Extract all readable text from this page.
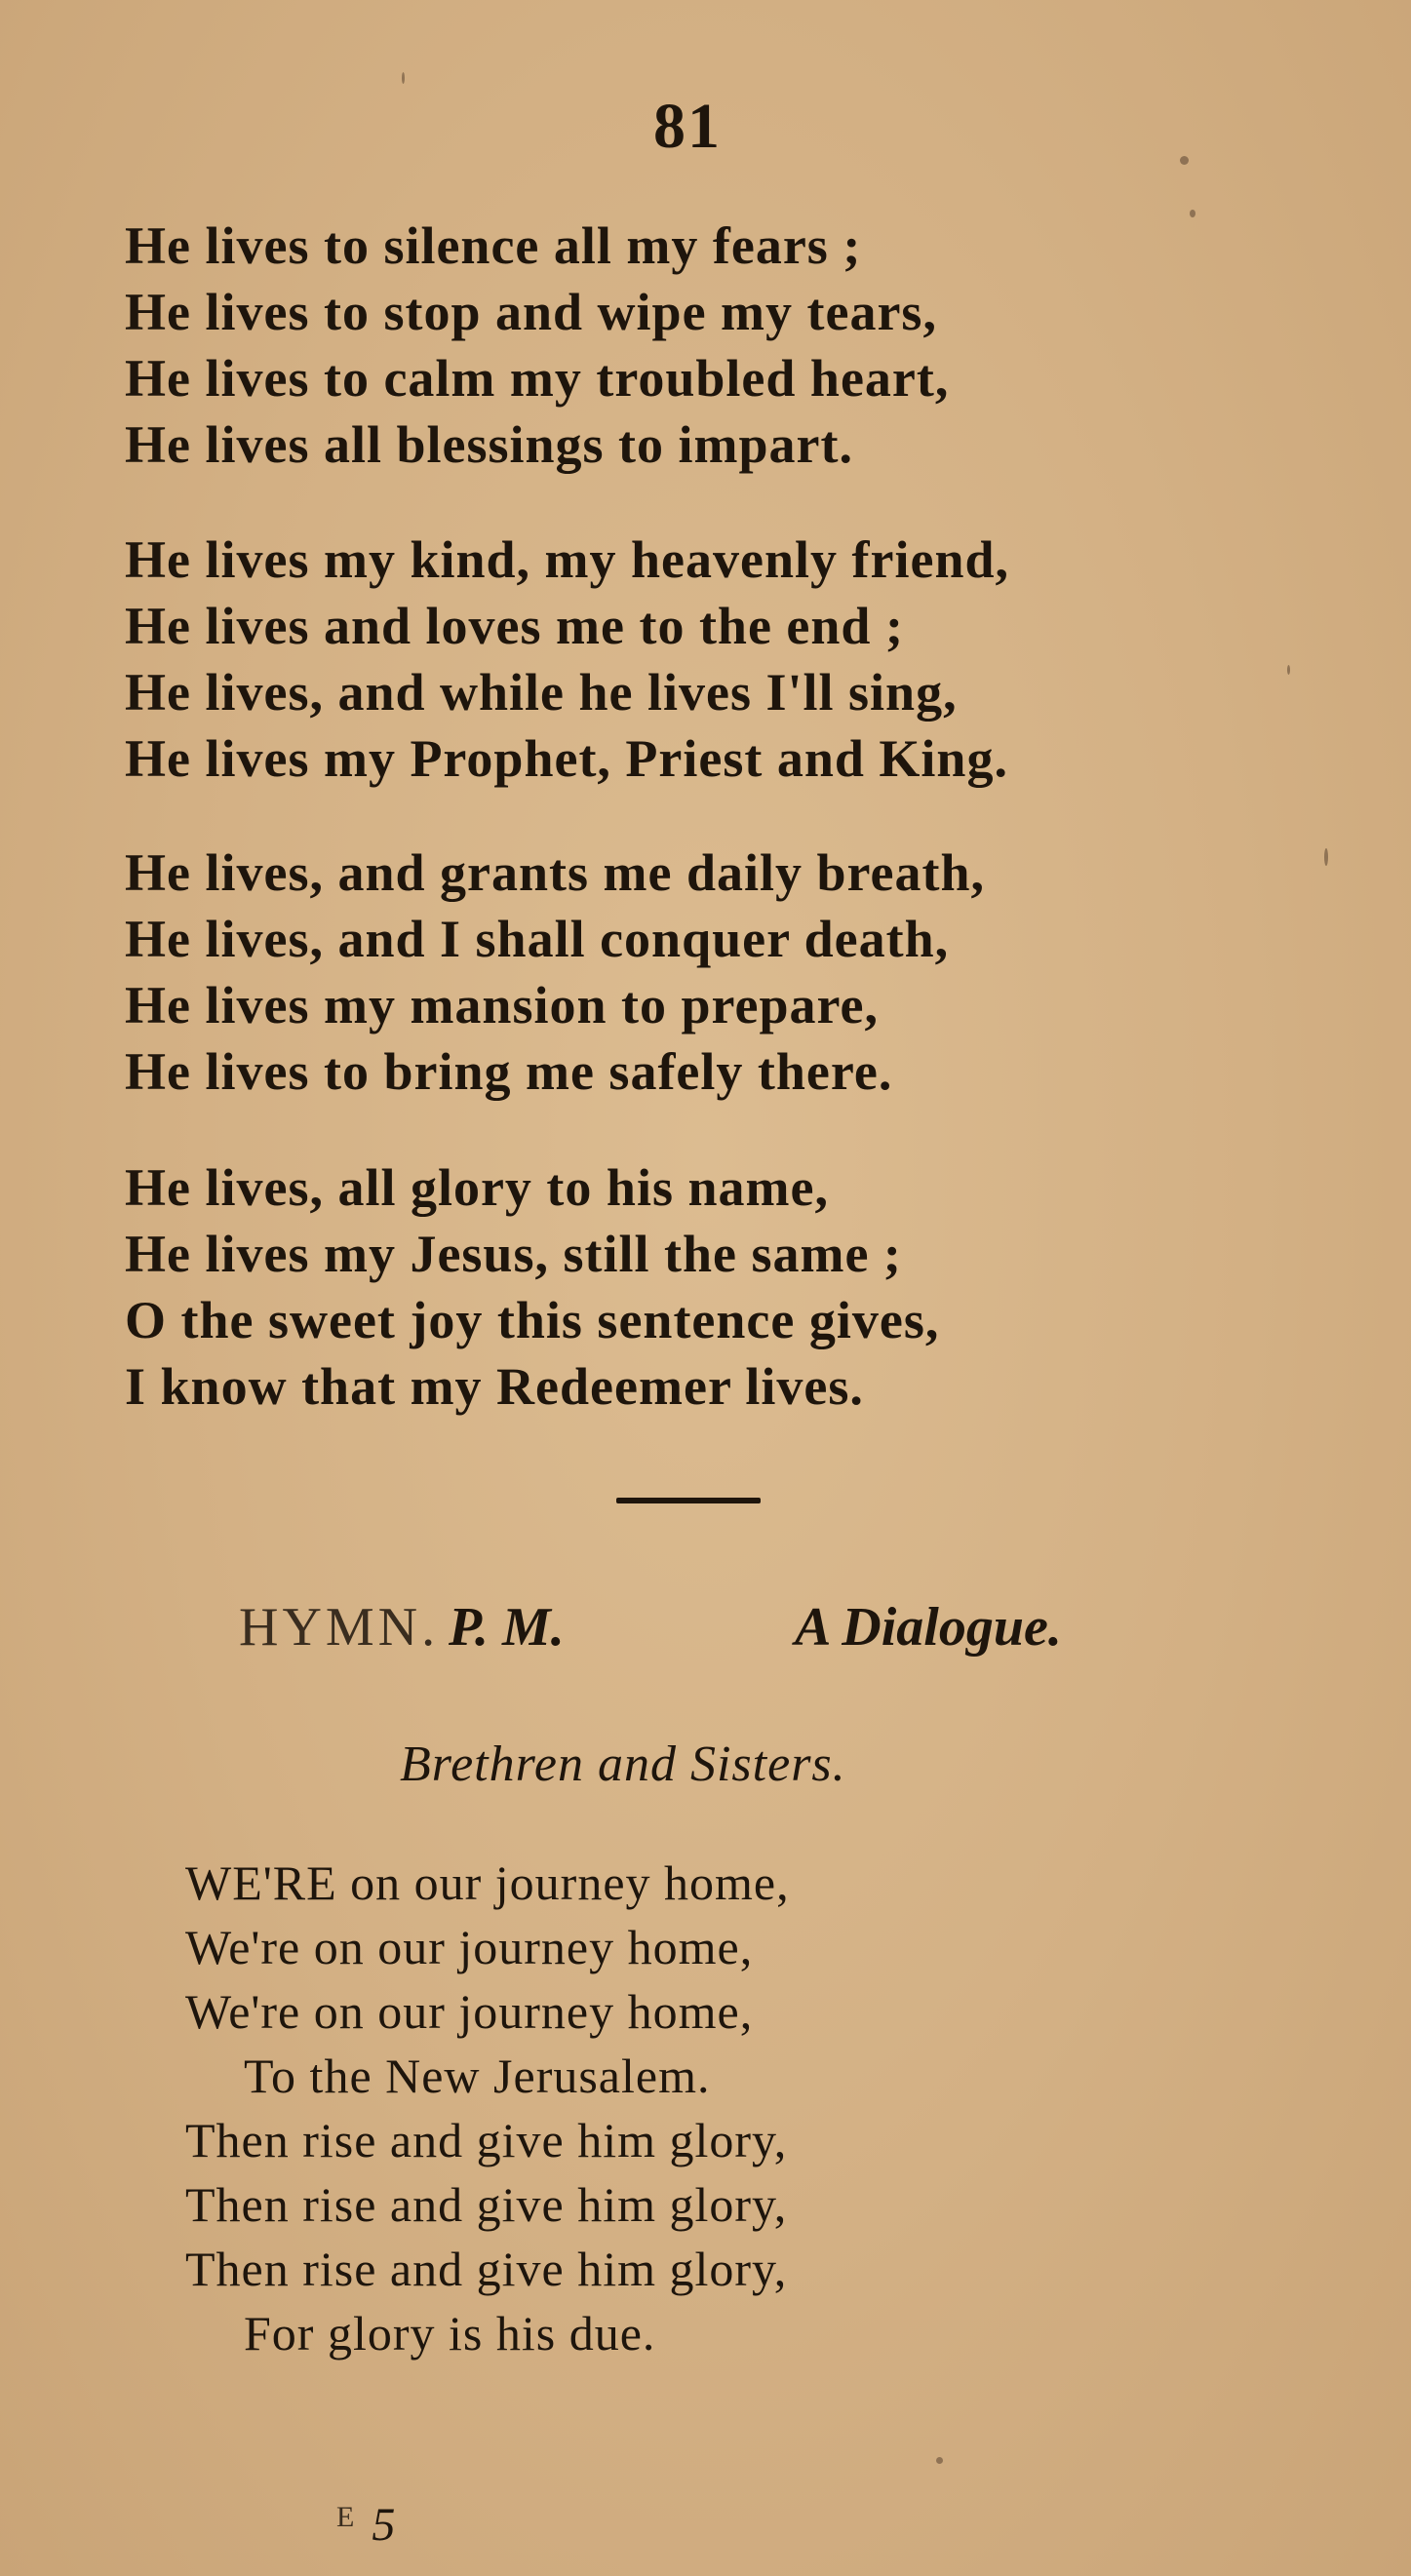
81
He lives to silence all my fears ;
He lives to stop and wipe my tears,
He lives to calm my troubled heart,
He lives all blessings to impart.
He lives my kind, my heavenly friend,
He lives and loves me to the end ;
He lives, and while he lives I'll sing,
He lives my Prophet, Priest and King.
He lives, and grants me daily breath,
He lives, and I shall conquer death,
He lives my mansion to prepare,
He lives to bring me safely there.
He lives, all glory to his name,
He lives my Jesus, still the same ;
O the sweet joy this sentence gives,
I know that my Redeemer lives.
HYMN. P. M.	A Dialogue.
Brethren and Sisters.
WE'RE on our journey home,
We're on our journey home,
We're on our journey home,
To the New Jerusalem.
Then rise and give him glory,
Then rise and give him glory,
Then rise and give him glory,
For glory is his due.
$^E$ 5
